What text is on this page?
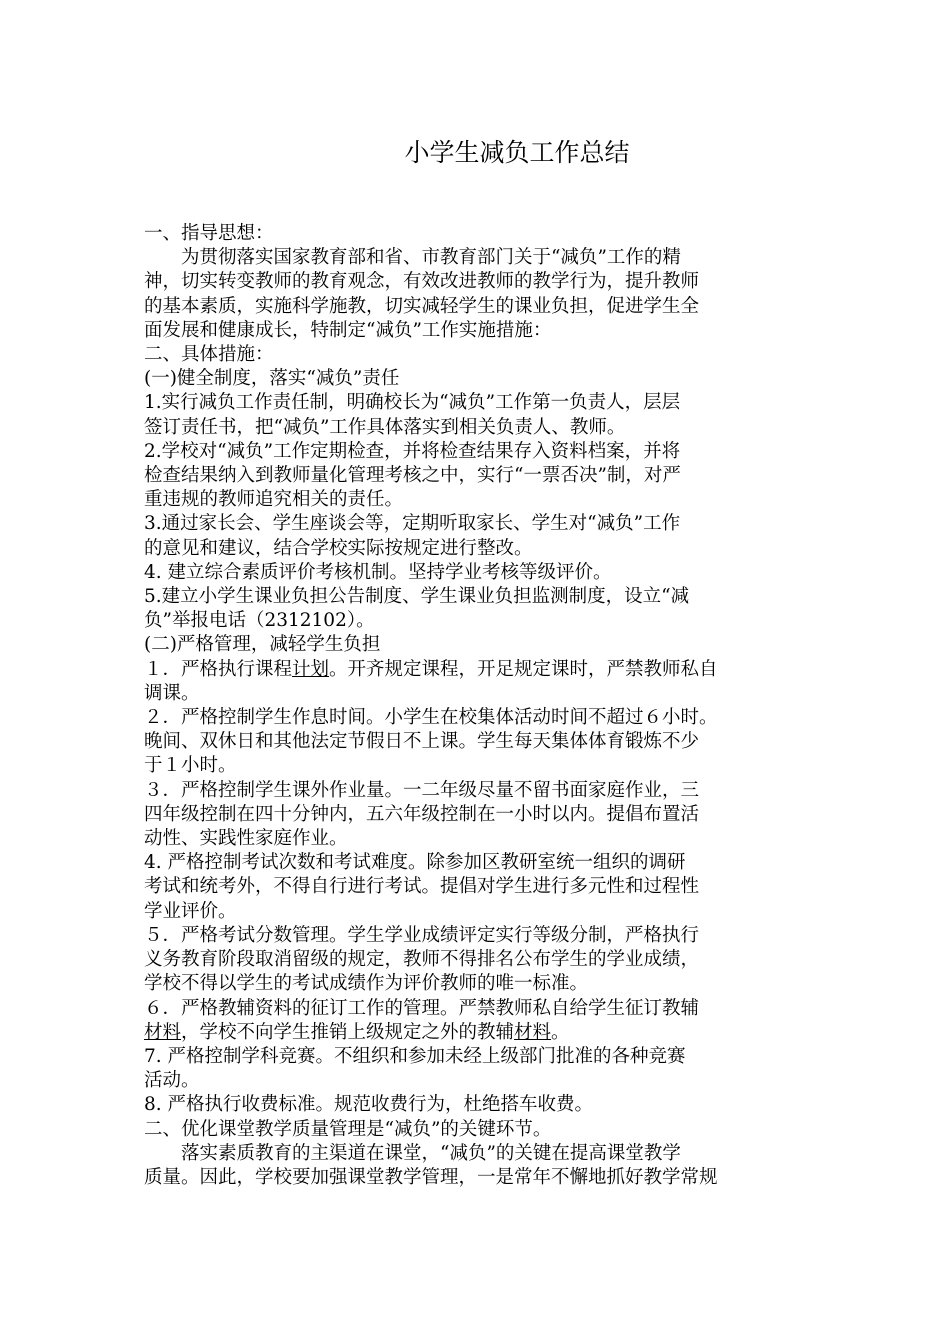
小学生减负工作总结

一、指导思想：

为贯彻落实国家教育部和省、市教育部门关于“减负”工作的精

神，切实转变教师的教育观念，有效改进教师的教学行为，提升教师

的基本素质，实施科学施教，切实减轻学生的课业负担，促进学生全

面发展和健康成长，特制定“减负”工作实施措施：

二、具体措施：

(一)健全制度，落实“减负”责任

1.实行减负工作责任制，明确校长为“减负”工作第一负责人，层层

签订责任书，把“减负”工作具体落实到相关负责人、教师。

2.学校对“减负”工作定期检查，并将检查结果存入资料档案，并将

检查结果纳入到教师量化管理考核之中，实行“一票否决”制，对严

重违规的教师追究相关的责任。

3.通过家长会、学生座谈会等，定期听取家长、学生对“减负”工作

的意见和建议，结合学校实际按规定进行整改。

4. 建立综合素质评价考核机制。坚持学业考核等级评价。

5.建立小学生课业负担公告制度、学生课业负担监测制度，设立“减

负”举报电话（2312102）。

(二)严格管理，减轻学生负担

１．严格执行课程计划。开齐规定课程，开足规定课时，严禁教师私自

调课。

２．严格控制学生作息时间。小学生在校集体活动时间不超过６小时。

晚间、双休日和其他法定节假日不上课。学生每天集体体育锻炼不少

于１小时。

３．严格控制学生课外作业量。一二年级尽量不留书面家庭作业，三

四年级控制在四十分钟内，五六年级控制在一小时以内。提倡布置活

动性、实践性家庭作业。

4. 严格控制考试次数和考试难度。除参加区教研室统一组织的调研

考试和统考外，不得自行进行考试。提倡对学生进行多元性和过程性

学业评价。

５．严格考试分数管理。学生学业成绩评定实行等级分制，严格执行

义务教育阶段取消留级的规定，教师不得排名公布学生的学业成绩，

学校不得以学生的考试成绩作为评价教师的唯一标准。

６．严格教辅资料的征订工作的管理。严禁教师私自给学生征订教辅

材料，学校不向学生推销上级规定之外的教辅材料。

7. 严格控制学科竞赛。不组织和参加未经上级部门批准的各种竞赛

活动。

8. 严格执行收费标准。规范收费行为，杜绝搭车收费。

二、优化课堂教学质量管理是“减负”的关键环节。

落实素质教育的主渠道在课堂，“减负”的关键在提高课堂教学

质量。因此，学校要加强课堂教学管理，一是常年不懈地抓好教学常规
